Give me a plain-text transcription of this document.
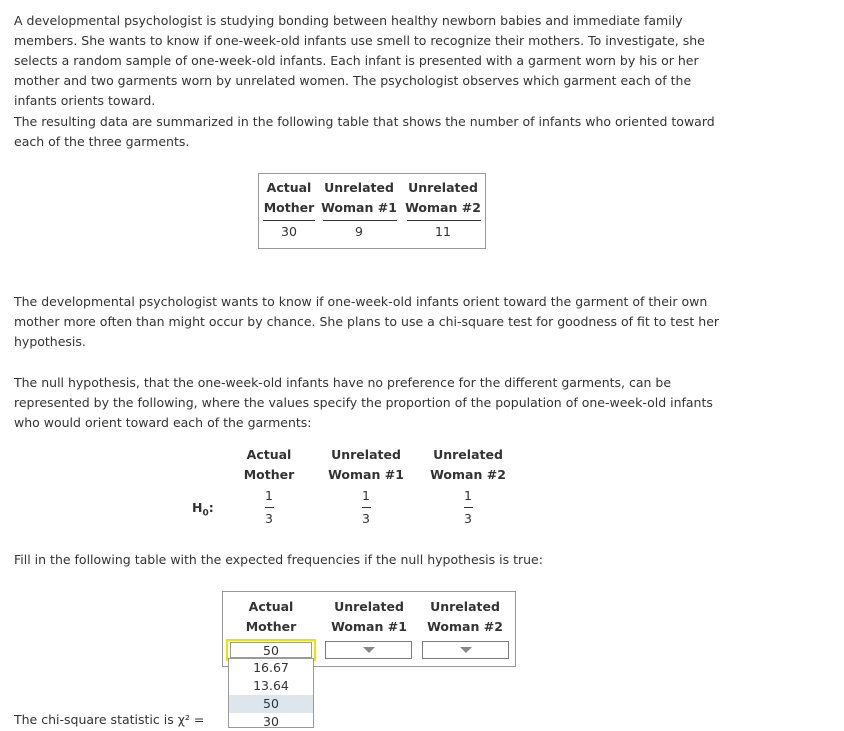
A developmental psychologist is studying bonding between healthy newborn babies and immediate family members. She wants to know if one-week-old infants use smell to recognize their mothers. To investigate, she selects a random sample of one-week-old infants. Each infant is presented with a garment worn by his or her mother and two garments worn by unrelated women. The psychologist observes which garment each of the infants orients toward.

The resulting data are summarized in the following table that shows the number of infants who oriented toward each of the three garments.

Actual
Mother
Unrelated
Woman #1
Unrelated
Woman #2
30	9	11

The developmental psychologist wants to know if one-week-old infants orient toward the garment of their own mother more often than might occur by chance. She plans to use a chi-square test for goodness of fit to test her hypothesis.

The null hypothesis, that the one-week-old infants have no preference for the different garments, can be represented by the following, where the values specify the proportion of the population of one-week-old infants who would orient toward each of the garments:

$H_0$:
Actual
Mother
Unrelated
Woman #1
Unrelated
Woman #2
1
3
1
3
1
3

Fill in the following table with the expected frequencies if the null hypothesis is true:

Actual
Mother
Unrelated
Woman #1
Unrelated
Woman #2
50
16.67
13.64
50
30
The chi-square statistic is χ² =
